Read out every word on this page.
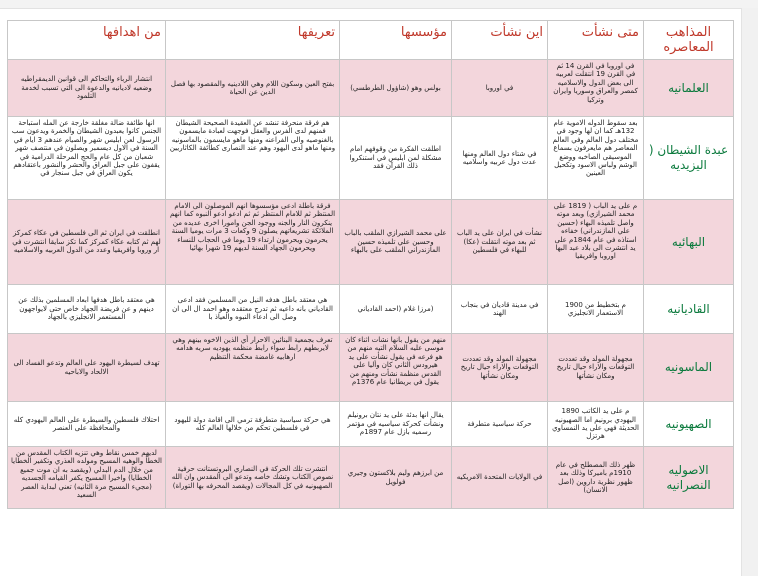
المذاهب المعاصره	متى نشأت	اين نشأت	مؤسسها	تعريفها	من اهدافها
العلمانيه	في اوروبا في القرن 14 ثم في القرن 19 انتقلت لعربيه الى بعض الدول والاسلاميه كمصر والعراق وسوريا وايران وتركيا	في اوروبا	بولس وهو (شاؤول الطرطسي)	بفتح العين وسكون اللام وهي اللادينيه والمقصود بها فصل الدين عن الحياة	انتشار الرباء والتحاكم الى قوانين الديمقراطيه وضعيه لاديانيه والدعوة الى التي تسبب لخدمة التلمود
عبدة الشيطان ( اليزيديه	بعد سقوط الدوله الاموية عام 132هـ كما ان لها وجود في مختلف دول العالم وفي العالم المعاصر هم مايعرفون بسماع الموسيقى الصاخبه ووضع الوشم ولباس الاسود وتكحيل العينين	في شتاء دول العالم ومنها عدت دول عربيه واسلاميه	اطلقت الفكرة من وقوفهم امام مشكلة لمن ابليس في استنكروا ذلك القرآن فقد	هم فرقة منحرفة تنشد عن العقيدة الصحيحة الشيطان فمنهم لدى الفرس والعقل فوجهت لعبادة مايسمون بالغنوصيه والى الفراعنه ومنها ماهو مايسمون بالماسونيه ومنها ماهو لدى اليهود وهم عند النصارى كطائفة الكاثاريين	انها طائفة ضالة مغلقة خارجة عن المله استباحة الجنس كانوا يعبدون الشيطان والخمرة ويدعون سب الرسول لعن ابليس شهر والصيام عندهم 3 ايام في السنة في الاول ديسمبر ويصلون في منتصف شهر شعبان من كل عام والحج المرحلة الدرامية في يقفون على جبل العراق والحشر والنشور باعتقادهم يكون العراق في جبل سنجار في
البهائيه	م على يد الباب ( 1819 على محمد الشيرازي) وبعد موته واصل تلميذه البهاء (حسين علي المازندراني) خفاءه استاذه في عام 1844م على يد انتشرت الى بلاد عبد البها اوروبا وافريقيا	نشأت في ايران على يد الباب ثم بعد موته انتقلت (عكا) للبهاء في فلسطين	على محمد الشيرازي الملقب بالباب وحسين علي تلميذه حسين المازندراني الملقب على بالبهاء	فرقة باطلة ادعى مؤسسوها انهم الموصلون الى الامام المنتظر ثم للامام المنتظر ثم ثم ادعو ادعو النبوه كما انهم ينكرون النار والجنه ووجود الجن وامورا اخرى عديده من الملائكة تشريعاتهم يصلون 9 وكعات 3 مرات يوميا السنة يحرمون ويحرمون ارتداء 19 يوما في الحجاب للنساء ويحرمون الجهاد السنة لديهم 19 شهرا بهائيا	انطلقت في ايران ثم الى فلسطين في عكاء كمركز لهم ثم كتابه عكاء كمركز كما تكز سايقا انتشرت في ار وروبا وافريقيا وعدد من الدول العربيه والاسلاميه
القاديانيه	م بتخطيط من 1900 الاستعمار الانجليزي	في مدينة قاديان في بنجاب الهند	(مرزا غلام (احمد القادياني	هي معتقد باطل هدفه النيل من المسلمين فقد ادعى القادياني بانه داعيه ثم تدرج معتقده وهو احمد ال الى ان وصل الى ادعاء النبوه والعياذ با	هي معتقد باطل هدفها ابعاد المسلمين بذلك عن دينهم و عن فريضة الجهاد خاص حتى لايواجهون المستعمر الانجليزي بالجهاد
الماسونيه	مجهولة المولد وقد تعددت التوقعات والاراء حيال تاريخ ومكان نشأتها	مجهولة المولد وقد تعددت التوقعات والاراء حيال تاريخ ومكان نشأتها	منهم من يقول بانها نشات اثناء كان موسى عليه السلام التيه منهم من هو فرعه في يقول نشأت على يد هيرودس الثاني كان وأليا على القدس منظمة نشأت ومنهم من يقول في بريطانيا عام 1376م	تعرف بجمعية البنائين الاحرار أي الذين الاخوه بينهم وهي لايربطهم رابط سواء رابط منظمه يهوديه سريه هدامه ارهابيه غامضة محكمة التنظيم	تهدف لسيطرة اليهود على العالم وتدعو الفساد الى الالحاد والاباحيه
الصهيونيه	م على يد الكاتب 1890 اليهودي برونيم اما الصهيونيه الحديثة فهي على يد النمساوي هرتزل	حركة سياسية متطرفة	يقال انها بدئة على يد نتان برونيلم ونشأت كحركة سياسيه في مؤتمر رسميه بازل عام 1897م	هي حركة سياسية متطرفة ترمي الى اقامة دولة لليهود في فلسطين تحكم من خلالها العالم كله	احتلاك فلسطين والسيطرة على العالم اليهودي كله والمحافظة على العنصر
الاصوليه النصرانيه	ظهر ذلك المصطلح في عام 1910م باميركا وذلك بعد ظهور نظرية داروين (اصل الانسان)	في الولايات المتحدة الامريكيه	من ابرزهم وليم بلاكستون وجيري فولويل	انتشرت تلك الحركة في النصاري البروتستانت حرفية نصوص الكتاب وتشك خاصه وتدعو الى المقدس وان الله الصهيونيه في كل المجالات (ويقصد المحرفه بها التوراة)	لديهم خمس نقاط وهي تنزيه الكتاب المقدس من الخطأ والوهيه المسيح ومولده العذري وتكفير الخطايا من خلال الدم البدلي (ويقصد به ان موت جميع الخطايا) واخيرا المسيح يكفر القيامه الجسديه (مجيء المسيح مرة الثانيه) تعني لبداية العصر السعيد
